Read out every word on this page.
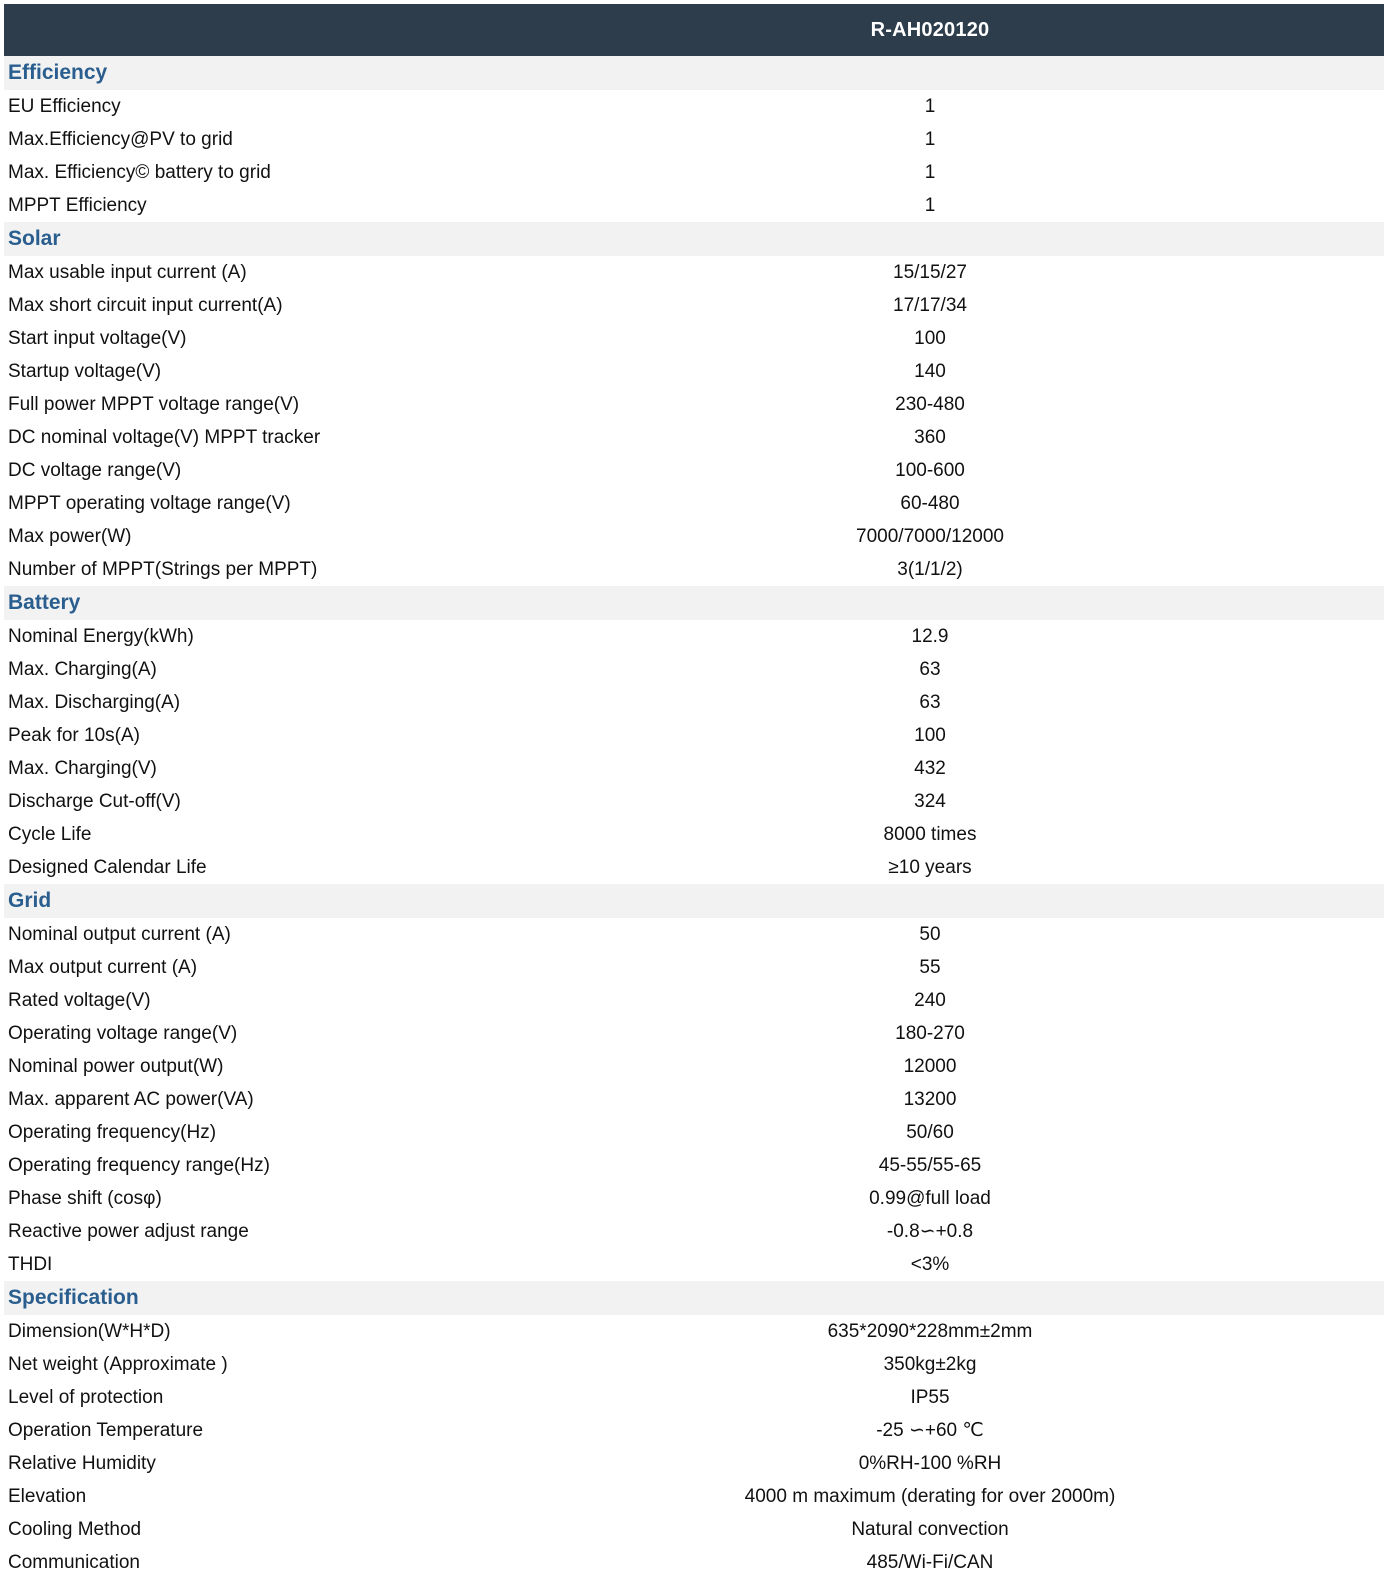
R-AH020120
Efficiency
EU Efficiency	1
Max.Efficiency@PV to grid	1
Max. Efficiency© battery to grid	1
MPPT Efficiency	1
Solar
Max usable input current (A)	15/15/27
Max short circuit input current(A)	17/17/34
Start input voltage(V)	100
Startup voltage(V)	140
Full power MPPT voltage range(V)	230-480
DC nominal voltage(V) MPPT tracker	360
DC voltage range(V)	100-600
MPPT operating voltage range(V)	60-480
Max power(W)	7000/7000/12000
Number of MPPT(Strings per MPPT)	3(1/1/2)
Battery
Nominal Energy(kWh)	12.9
Max. Charging(A)	63
Max. Discharging(A)	63
Peak for 10s(A)	100
Max. Charging(V)	432
Discharge Cut-off(V)	324
Cycle Life	8000 times
Designed Calendar Life	≥10 years
Grid
Nominal output current (A)	50
Max output current (A)	55
Rated voltage(V)	240
Operating voltage range(V)	180-270
Nominal power output(W)	12000
Max. apparent AC power(VA)	13200
Operating frequency(Hz)	50/60
Operating frequency range(Hz)	45-55/55-65
Phase shift (cosφ)	0.99@full load
Reactive power adjust range	-0.8∽+0.8
THDI	<3%
Specification
Dimension(W*H*D)	635*2090*228mm±2mm
Net weight (Approximate )	350kg±2kg
Level of protection	IP55
Operation Temperature	-25 ∽+60 ℃
Relative Humidity	0%RH-100 %RH
Elevation	4000 m maximum (derating for over 2000m)
Cooling Method	Natural convection
Communication	485/Wi-Fi/CAN
